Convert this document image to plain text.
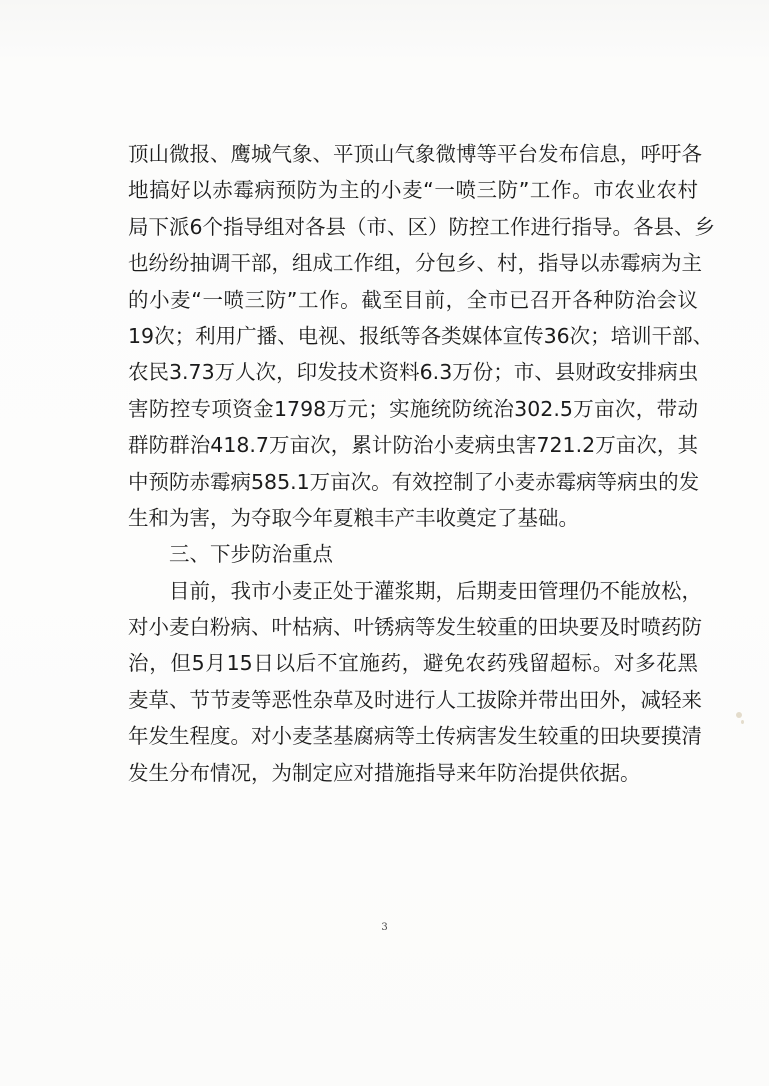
顶山微报、鹰城气象、平顶山气象微博等平台发布信息，呼吁各
地搞好以赤霉病预防为主的小麦“一喷三防”工作。市农业农村
局下派6个指导组对各县（市、区）防控工作进行指导。各县、乡
也纷纷抽调干部，组成工作组，分包乡、村，指导以赤霉病为主
的小麦“一喷三防”工作。截至目前，全市已召开各种防治会议
19次；利用广播、电视、报纸等各类媒体宣传36次；培训干部、
农民3.73万人次，印发技术资料6.3万份；市、县财政安排病虫
害防控专项资金1798万元；实施统防统治302.5万亩次，带动
群防群治418.7万亩次，累计防治小麦病虫害721.2万亩次，其
中预防赤霉病585.1万亩次。有效控制了小麦赤霉病等病虫的发
生和为害，为夺取今年夏粮丰产丰收奠定了基础。
三、下步防治重点
目前，我市小麦正处于灌浆期，后期麦田管理仍不能放松，
对小麦白粉病、叶枯病、叶锈病等发生较重的田块要及时喷药防
治，但5月15日以后不宜施药，避免农药残留超标。对多花黑
麦草、节节麦等恶性杂草及时进行人工拔除并带出田外，减轻来
年发生程度。对小麦茎基腐病等土传病害发生较重的田块要摸清
发生分布情况，为制定应对措施指导来年防治提供依据。
3
